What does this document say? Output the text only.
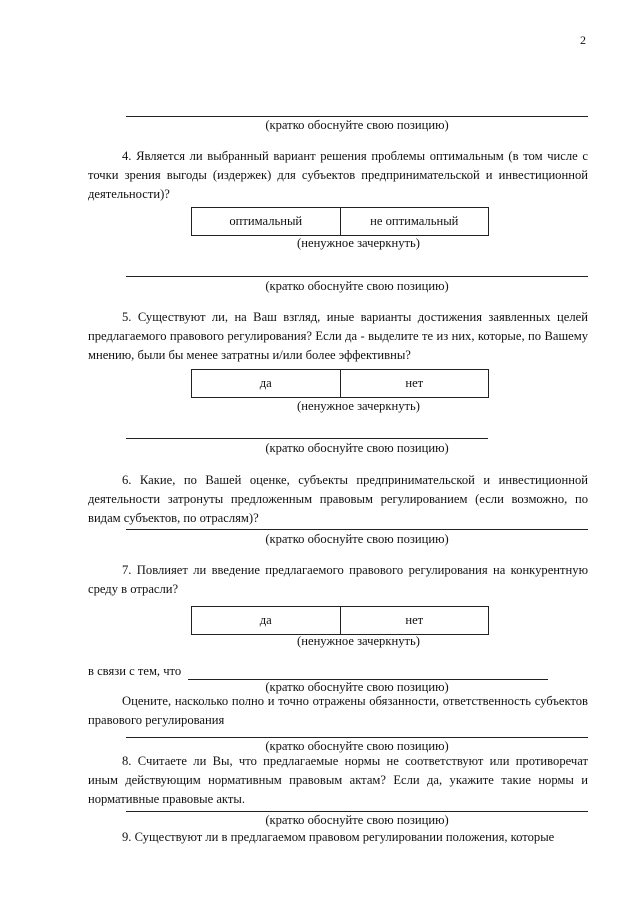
2
(кратко обоснуйте свою позицию)
4. Является ли выбранный вариант решения проблемы оптимальным (в том числе с точки зрения выгоды (издержек) для субъектов предпринимательской и инвестиционной деятельности)?
оптимальный	не оптимальный
(ненужное зачеркнуть)
(кратко обоснуйте свою позицию)
5. Существуют ли, на Ваш взгляд, иные варианты достижения заявленных целей предлагаемого правового регулирования? Если да - выделите те из них, которые, по Вашему мнению, были бы менее затратны и/или более эффективны?
да	нет
(ненужное зачеркнуть)
(кратко обоснуйте свою позицию)
6. Какие, по Вашей оценке, субъекты предпринимательской и инвестиционной деятельности затронуты предложенным правовым регулированием (если возможно, по видам субъектов, по отраслям)?
(кратко обоснуйте свою позицию)
7. Повлияет ли введение предлагаемого правового регулирования на конкурентную среду в отрасли?
да	нет
(ненужное зачеркнуть)
в связи с тем, что
(кратко обоснуйте свою позицию)
Оцените, насколько полно и точно отражены обязанности, ответственность субъектов правового регулирования
(кратко обоснуйте свою позицию)
8. Считаете ли Вы, что предлагаемые нормы не соответствуют или противоречат иным действующим нормативным правовым актам? Если да, укажите такие нормы и нормативные правовые акты.
(кратко обоснуйте свою позицию)
9. Существуют ли в предлагаемом правовом регулировании положения, которые
